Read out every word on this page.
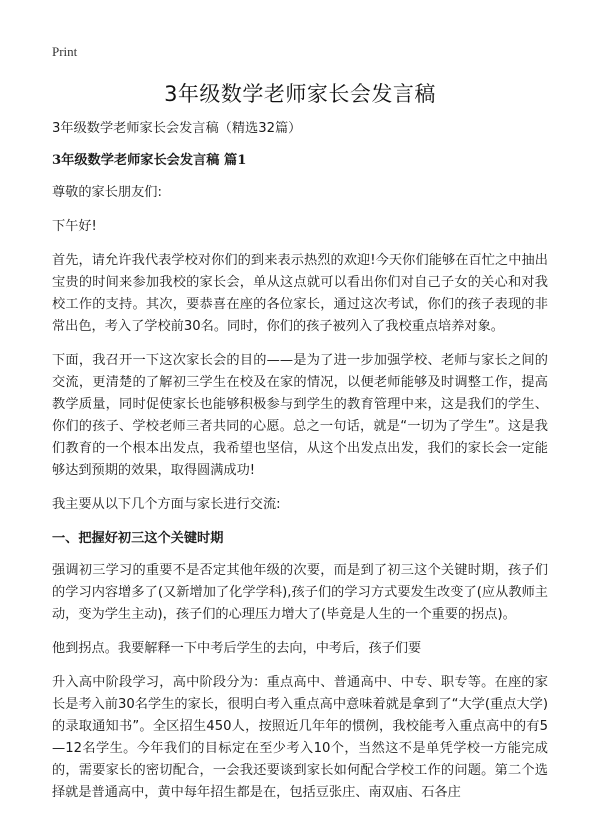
Print
3年级数学老师家长会发言稿

3年级数学老师家长会发言稿（精选32篇）

3年级数学老师家长会发言稿 篇1

尊敬的家长朋友们:

下午好!

首先，请允许我代表学校对你们的到来表示热烈的欢迎!今天你们能够在百忙之中抽出宝贵的时间来参加我校的家长会，单从这点就可以看出你们对自己子女的关心和对我校工作的支持。其次，要恭喜在座的各位家长，通过这次考试，你们的孩子表现的非常出色，考入了学校前30名。同时，你们的孩子被列入了我校重点培养对象。

下面，我召开一下这次家长会的目的——是为了进一步加强学校、老师与家长之间的交流，更清楚的了解初三学生在校及在家的情况，以便老师能够及时调整工作，提高教学质量，同时促使家长也能够积极参与到学生的教育管理中来，这是我们的学生、你们的孩子、学校老师三者共同的心愿。总之一句话，就是“一切为了学生”。这是我们教育的一个根本出发点，我希望也坚信，从这个出发点出发，我们的家长会一定能够达到预期的效果，取得圆满成功!

我主要从以下几个方面与家长进行交流:

一、把握好初三这个关键时期

强调初三学习的重要不是否定其他年级的次要，而是到了初三这个关键时期，孩子们的学习内容增多了(又新增加了化学学科),孩子们的学习方式要发生改变了(应从教师主动，变为学生主动)，孩子们的心理压力增大了(毕竟是人生的一个重要的拐点)。

他到拐点。我要解释一下中考后学生的去向，中考后，孩子们要

升入高中阶段学习，高中阶段分为：重点高中、普通高中、中专、职专等。在座的家长是考入前30名学生的家长，很明白考入重点高中意味着就是拿到了“大学(重点大学)的录取通知书”。全区招生450人，按照近几年年的惯例，我校能考入重点高中的有5—12名学生。今年我们的目标定在至少考入10个，当然这不是单凭学校一方能完成的，需要家长的密切配合，一会我还要谈到家长如何配合学校工作的问题。第二个选择就是普通高中，黄中每年招生都是在，包括豆张庄、南双庙、石各庄
